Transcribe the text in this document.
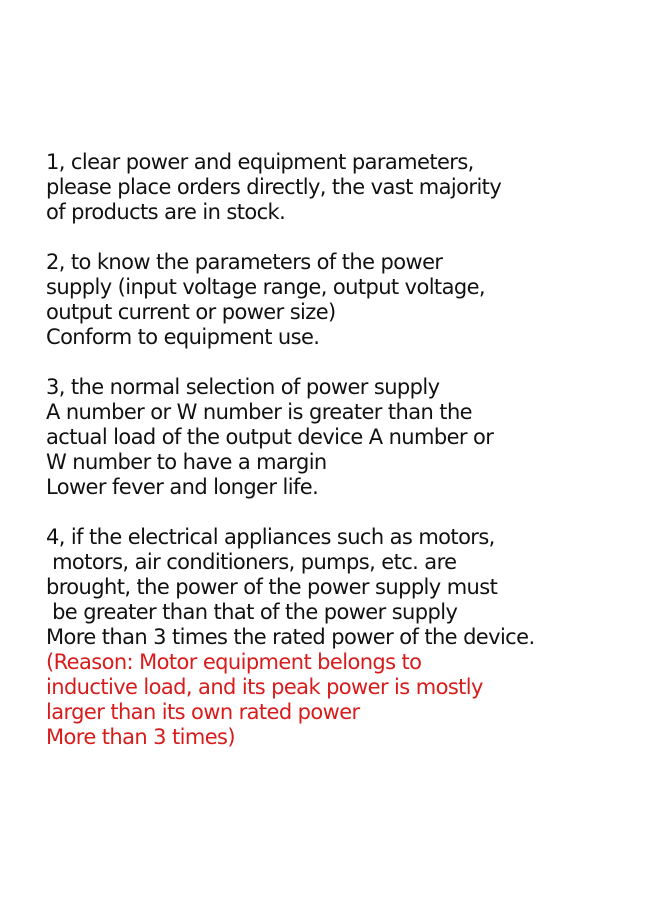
1, clear power and equipment parameters,
please place orders directly, the vast majority
of products are in stock.
2, to know the parameters of the power
supply (input voltage range, output voltage,
output current or power size)
Conform to equipment use.
3, the normal selection of power supply
A number or W number is greater than the
actual load of the output device A number or
W number to have a margin
Lower fever and longer life.
4, if the electrical appliances such as motors,
motors, air conditioners, pumps, etc. are
brought, the power of the power supply must
be greater than that of the power supply
More than 3 times the rated power of the device.
(Reason: Motor equipment belongs to
inductive load, and its peak power is mostly
larger than its own rated power
More than 3 times)
